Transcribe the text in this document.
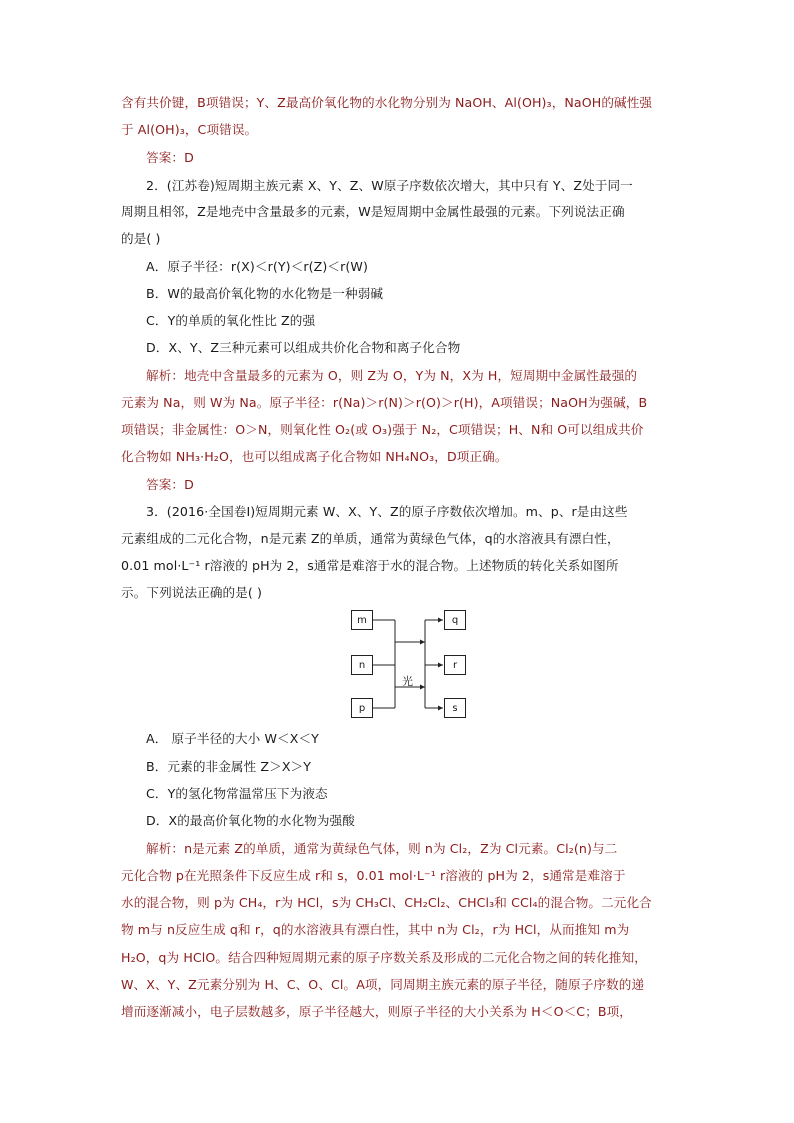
含有共价键，B项错误；Y、Z最高价氧化物的水化物分别为 NaOH、Al(OH)₃，NaOH的碱性强
于 Al(OH)₃，C项错误。
答案：D
2．(江苏卷)短周期主族元素 X、Y、Z、W原子序数依次增大，其中只有 Y、Z处于同一
周期且相邻，Z是地壳中含量最多的元素，W是短周期中金属性最强的元素。下列说法正确
的是( )
A．原子半径：r(X)＜r(Y)＜r(Z)＜r(W)
B．W的最高价氧化物的水化物是一种弱碱
C．Y的单质的氧化性比 Z的强
D．X、Y、Z三种元素可以组成共价化合物和离子化合物
解析：地壳中含量最多的元素为 O，则 Z为 O，Y为 N，X为 H，短周期中金属性最强的
元素为 Na，则 W为 Na。原子半径：r(Na)＞r(N)＞r(O)＞r(H)，A项错误；NaOH为强碱，B
项错误；非金属性：O＞N，则氧化性 O₂(或 O₃)强于 N₂，C项错误；H、N和 O可以组成共价
化合物如 NH₃·H₂O，也可以组成离子化合物如 NH₄NO₃，D项正确。
答案：D
3．(2016·全国卷Ⅰ)短周期元素 W、X、Y、Z的原子序数依次增加。m、p、r是由这些
元素组成的二元化合物，n是元素 Z的单质，通常为黄绿色气体，q的水溶液具有漂白性，
0.01 mol·L⁻¹ r溶液的 pH为 2，s通常是难溶于水的混合物。上述物质的转化关系如图所
示。下列说法正确的是( )
m
n
p
q
r
s
光
A． 原子半径的大小 W＜X＜Y
B．元素的非金属性 Z＞X＞Y
C．Y的氢化物常温常压下为液态
D．X的最高价氧化物的水化物为强酸
解析：n是元素 Z的单质，通常为黄绿色气体，则 n为 Cl₂，Z为 Cl元素。Cl₂(n)与二
元化合物 p在光照条件下反应生成 r和 s，0.01 mol·L⁻¹ r溶液的 pH为 2，s通常是难溶于
水的混合物，则 p为 CH₄，r为 HCl，s为 CH₃Cl、CH₂Cl₂、CHCl₃和 CCl₄的混合物。二元化合
物 m与 n反应生成 q和 r，q的水溶液具有漂白性，其中 n为 Cl₂，r为 HCl，从而推知 m为
H₂O，q为 HClO。结合四种短周期元素的原子序数关系及形成的二元化合物之间的转化推知，
W、X、Y、Z元素分别为 H、C、O、Cl。A项，同周期主族元素的原子半径，随原子序数的递
增而逐渐减小，电子层数越多，原子半径越大，则原子半径的大小关系为 H＜O＜C；B项，
